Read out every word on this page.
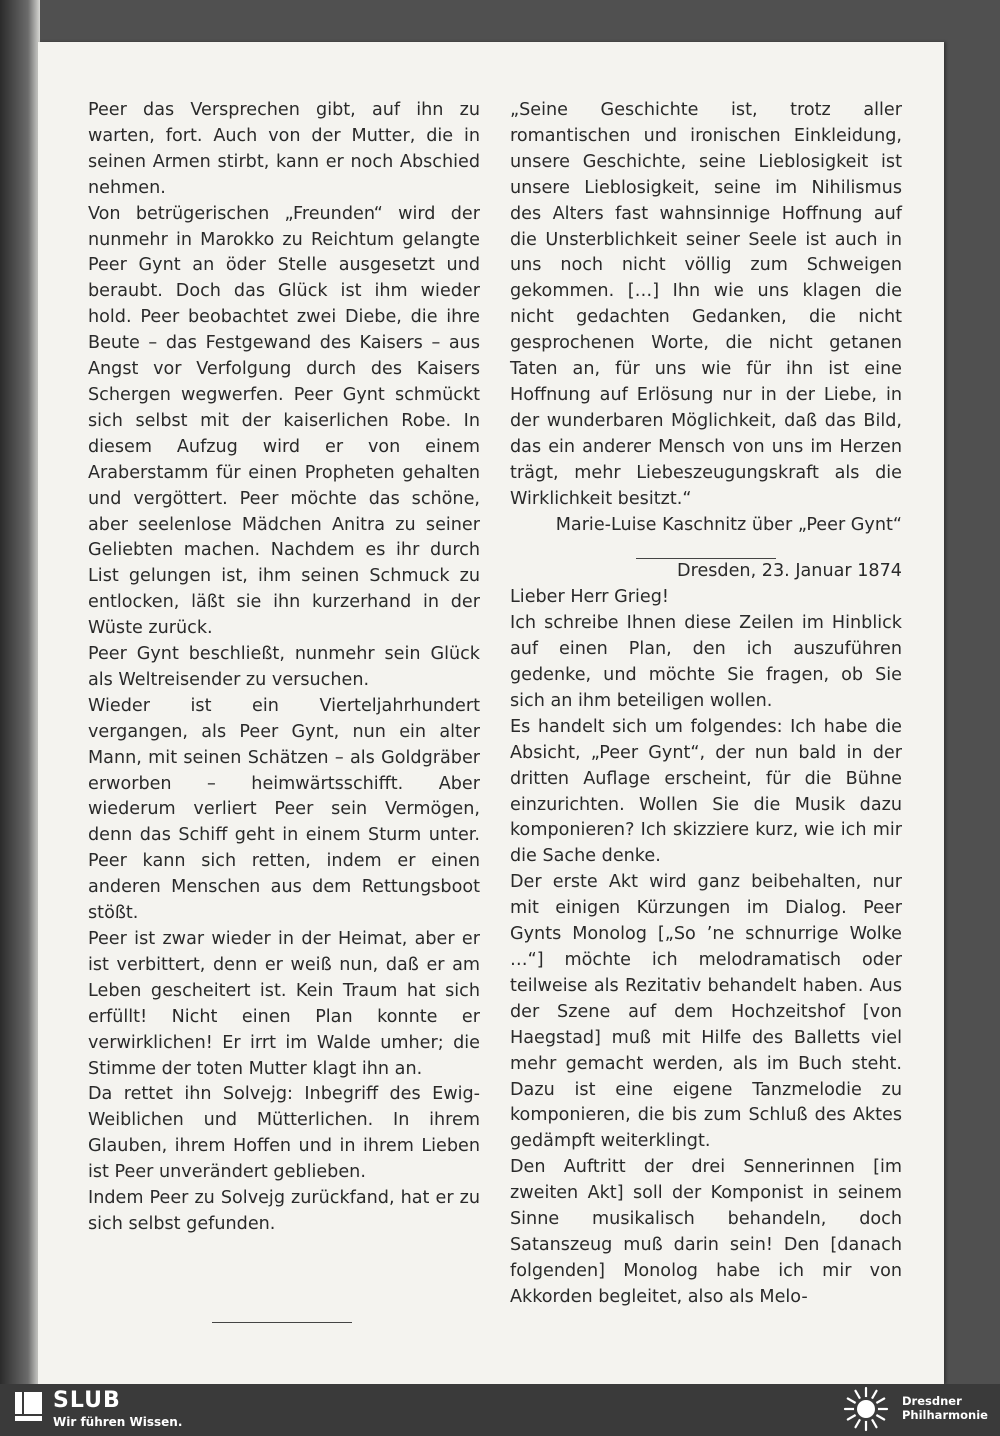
Peer das Versprechen gibt, auf ihn zu warten, fort. Auch von der Mutter, die in seinen Armen stirbt, kann er noch Abschied nehmen.

Von betrügerischen „Freunden“ wird der nunmehr in Marokko zu Reichtum gelangte Peer Gynt an öder Stelle ausgesetzt und beraubt. Doch das Glück ist ihm wieder hold. Peer beobachtet zwei Diebe, die ihre Beute – das Festgewand des Kaisers – aus Angst vor Verfolgung durch des Kaisers Schergen wegwerfen. Peer Gynt schmückt sich selbst mit der kaiserlichen Robe. In diesem Aufzug wird er von einem Araberstamm für einen Propheten gehalten und vergöttert. Peer möchte das schöne, aber seelenlose Mädchen Anitra zu seiner Geliebten machen. Nachdem es ihr durch List gelungen ist, ihm seinen Schmuck zu entlocken, läßt sie ihn kurzerhand in der Wüste zurück.

Peer Gynt beschließt, nunmehr sein Glück als Weltreisender zu versuchen.

Wieder ist ein Vierteljahrhundert vergangen, als Peer Gynt, nun ein alter Mann, mit seinen Schätzen – als Goldgräber erworben – heimwärtsschifft. Aber wiederum verliert Peer sein Vermögen, denn das Schiff geht in einem Sturm unter. Peer kann sich retten, indem er einen anderen Menschen aus dem Rettungsboot stößt.

Peer ist zwar wieder in der Heimat, aber er ist verbittert, denn er weiß nun, daß er am Leben gescheitert ist. Kein Traum hat sich erfüllt! Nicht einen Plan konnte er verwirklichen! Er irrt im Walde umher; die Stimme der toten Mutter klagt ihn an.

Da rettet ihn Solvejg: Inbegriff des Ewig-Weiblichen und Mütterlichen. In ihrem Glauben, ihrem Hoffen und in ihrem Lieben ist Peer unverändert geblieben.

Indem Peer zu Solvejg zurückfand, hat er zu sich selbst gefunden.

„Seine Geschichte ist, trotz aller romantischen und ironischen Einkleidung, unsere Geschichte, seine Lieblosigkeit ist unsere Lieblosigkeit, seine im Nihilismus des Alters fast wahnsinnige Hoffnung auf die Unsterblichkeit seiner Seele ist auch in uns noch nicht völlig zum Schweigen gekommen. […] Ihn wie uns klagen die nicht gedachten Gedanken, die nicht gesprochenen Worte, die nicht getanen Taten an, für uns wie für ihn ist eine Hoffnung auf Erlösung nur in der Liebe, in der wunderbaren Möglichkeit, daß das Bild, das ein anderer Mensch von uns im Herzen trägt, mehr Liebeszeugungskraft als die Wirklichkeit besitzt.“

Marie-Luise Kaschnitz über „Peer Gynt“

Dresden, 23. Januar 1874

Lieber Herr Grieg!

Ich schreibe Ihnen diese Zeilen im Hinblick auf einen Plan, den ich auszuführen gedenke, und möchte Sie fragen, ob Sie sich an ihm beteiligen wollen.

Es handelt sich um folgendes: Ich habe die Absicht, „Peer Gynt“, der nun bald in der dritten Auflage erscheint, für die Bühne einzurichten. Wollen Sie die Musik dazu komponieren? Ich skizziere kurz, wie ich mir die Sache denke.

Der erste Akt wird ganz beibehalten, nur mit einigen Kürzungen im Dialog. Peer Gynts Monolog [„So ’ne schnurrige Wolke …“] möchte ich melodramatisch oder teilweise als Rezitativ behandelt haben. Aus der Szene auf dem Hochzeitshof [von Haegstad] muß mit Hilfe des Balletts viel mehr gemacht werden, als im Buch steht. Dazu ist eine eigene Tanzmelodie zu komponieren, die bis zum Schluß des Aktes gedämpft weiterklingt.

Den Auftritt der drei Sennerinnen [im zweiten Akt] soll der Komponist in seinem Sinne musikalisch behandeln, doch Satanszeug muß darin sein! Den [danach folgenden] Monolog habe ich mir von Akkorden begleitet, also als Melo-

SLUB
Wir führen Wissen.
Dresdner
Philharmonie
